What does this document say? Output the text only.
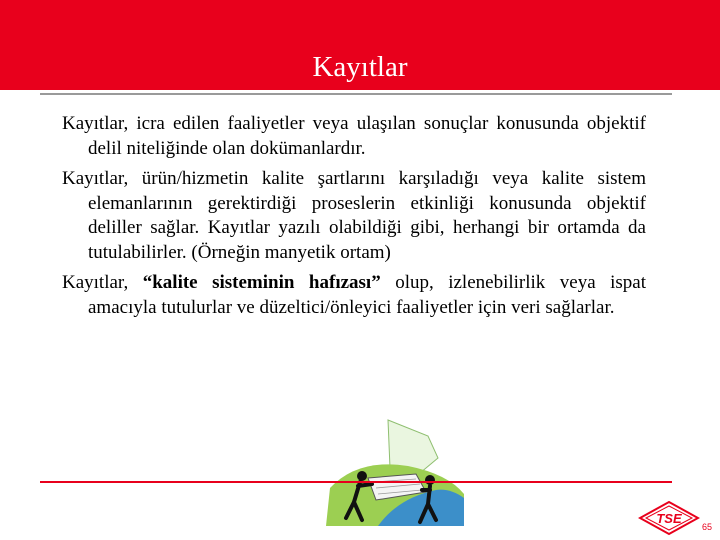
Kayıtlar

Kayıtlar, icra edilen faaliyetler veya ulaşılan sonuçlar konusunda objektif delil niteliğinde olan dokümanlardır.

Kayıtlar, ürün/hizmetin kalite şartlarını karşıladığı veya kalite sistem elemanlarının gerektirdiği proseslerin etkinliği konusunda objektif deliller sağlar. Kayıtlar yazılı olabildiği gibi, herhangi bir ortamda da tutulabilirler. (Örneğin manyetik ortam)

Kayıtlar, “kalite sisteminin hafızası” olup, izlenebilirlik veya ispat amacıyla tutulurlar ve düzeltici/önleyici faaliyetler için veri sağlarlar.

TSE
65
